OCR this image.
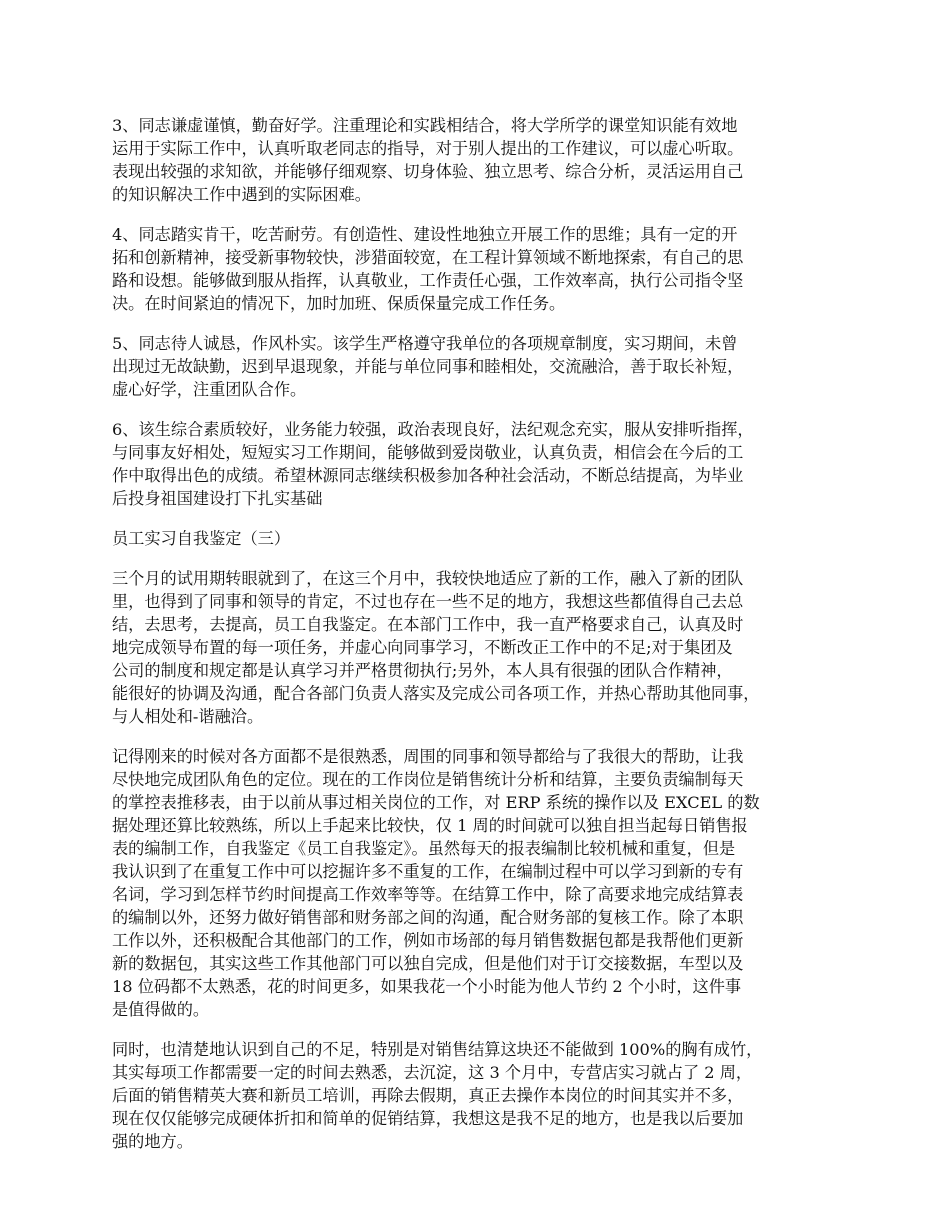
3、同志谦虚谨慎，勤奋好学。注重理论和实践相结合，将大学所学的课堂知识能有效地
运用于实际工作中，认真听取老同志的指导，对于别人提出的工作建议，可以虚心听取。
表现出较强的求知欲，并能够仔细观察、切身体验、独立思考、综合分析，灵活运用自己
的知识解决工作中遇到的实际困难。

4、同志踏实肯干，吃苦耐劳。有创造性、建设性地独立开展工作的思维；具有一定的开
拓和创新精神，接受新事物较快，涉猎面较宽，在工程计算领域不断地探索，有自己的思
路和设想。能够做到服从指挥，认真敬业，工作责任心强，工作效率高，执行公司指令坚
决。在时间紧迫的情况下，加时加班、保质保量完成工作任务。

5、同志待人诚恳，作风朴实。该学生严格遵守我单位的各项规章制度，实习期间，未曾
出现过无故缺勤，迟到早退现象，并能与单位同事和睦相处，交流融洽，善于取长补短，
虚心好学，注重团队合作。

6、该生综合素质较好，业务能力较强，政治表现良好，法纪观念充实，服从安排听指挥，
与同事友好相处，短短实习工作期间，能够做到爱岗敬业，认真负责，相信会在今后的工
作中取得出色的成绩。希望林源同志继续积极参加各种社会活动，不断总结提高，为毕业
后投身祖国建设打下扎实基础

员工实习自我鉴定（三）

三个月的试用期转眼就到了，在这三个月中，我较快地适应了新的工作，融入了新的团队
里，也得到了同事和领导的肯定，不过也存在一些不足的地方，我想这些都值得自己去总
结，去思考，去提高，员工自我鉴定。在本部门工作中，我一直严格要求自己，认真及时
地完成领导布置的每一项任务，并虚心向同事学习，不断改正工作中的不足;对于集团及
公司的制度和规定都是认真学习并严格贯彻执行;另外，本人具有很强的团队合作精神，
能很好的协调及沟通，配合各部门负责人落实及完成公司各项工作，并热心帮助其他同事，
与人相处和-谐融洽。

记得刚来的时候对各方面都不是很熟悉，周围的同事和领导都给与了我很大的帮助，让我
尽快地完成团队角色的定位。现在的工作岗位是销售统计分析和结算，主要负责编制每天
的掌控表推移表，由于以前从事过相关岗位的工作，对 ERP 系统的操作以及 EXCEL 的数
据处理还算比较熟练，所以上手起来比较快，仅 1 周的时间就可以独自担当起每日销售报
表的编制工作，自我鉴定《员工自我鉴定》。虽然每天的报表编制比较机械和重复，但是
我认识到了在重复工作中可以挖掘许多不重复的工作，在编制过程中可以学习到新的专有
名词，学习到怎样节约时间提高工作效率等等。在结算工作中，除了高要求地完成结算表
的编制以外，还努力做好销售部和财务部之间的沟通，配合财务部的复核工作。除了本职
工作以外，还积极配合其他部门的工作，例如市场部的每月销售数据包都是我帮他们更新
新的数据包，其实这些工作其他部门可以独自完成，但是他们对于订交接数据，车型以及
18 位码都不太熟悉，花的时间更多，如果我花一个小时能为他人节约 2 个小时，这件事
是值得做的。

同时，也清楚地认识到自己的不足，特别是对销售结算这块还不能做到 100%的胸有成竹，
其实每项工作都需要一定的时间去熟悉，去沉淀，这 3 个月中，专营店实习就占了 2 周，
后面的销售精英大赛和新员工培训，再除去假期，真正去操作本岗位的时间其实并不多，
现在仅仅能够完成硬体折扣和简单的促销结算，我想这是我不足的地方，也是我以后要加
强的地方。
